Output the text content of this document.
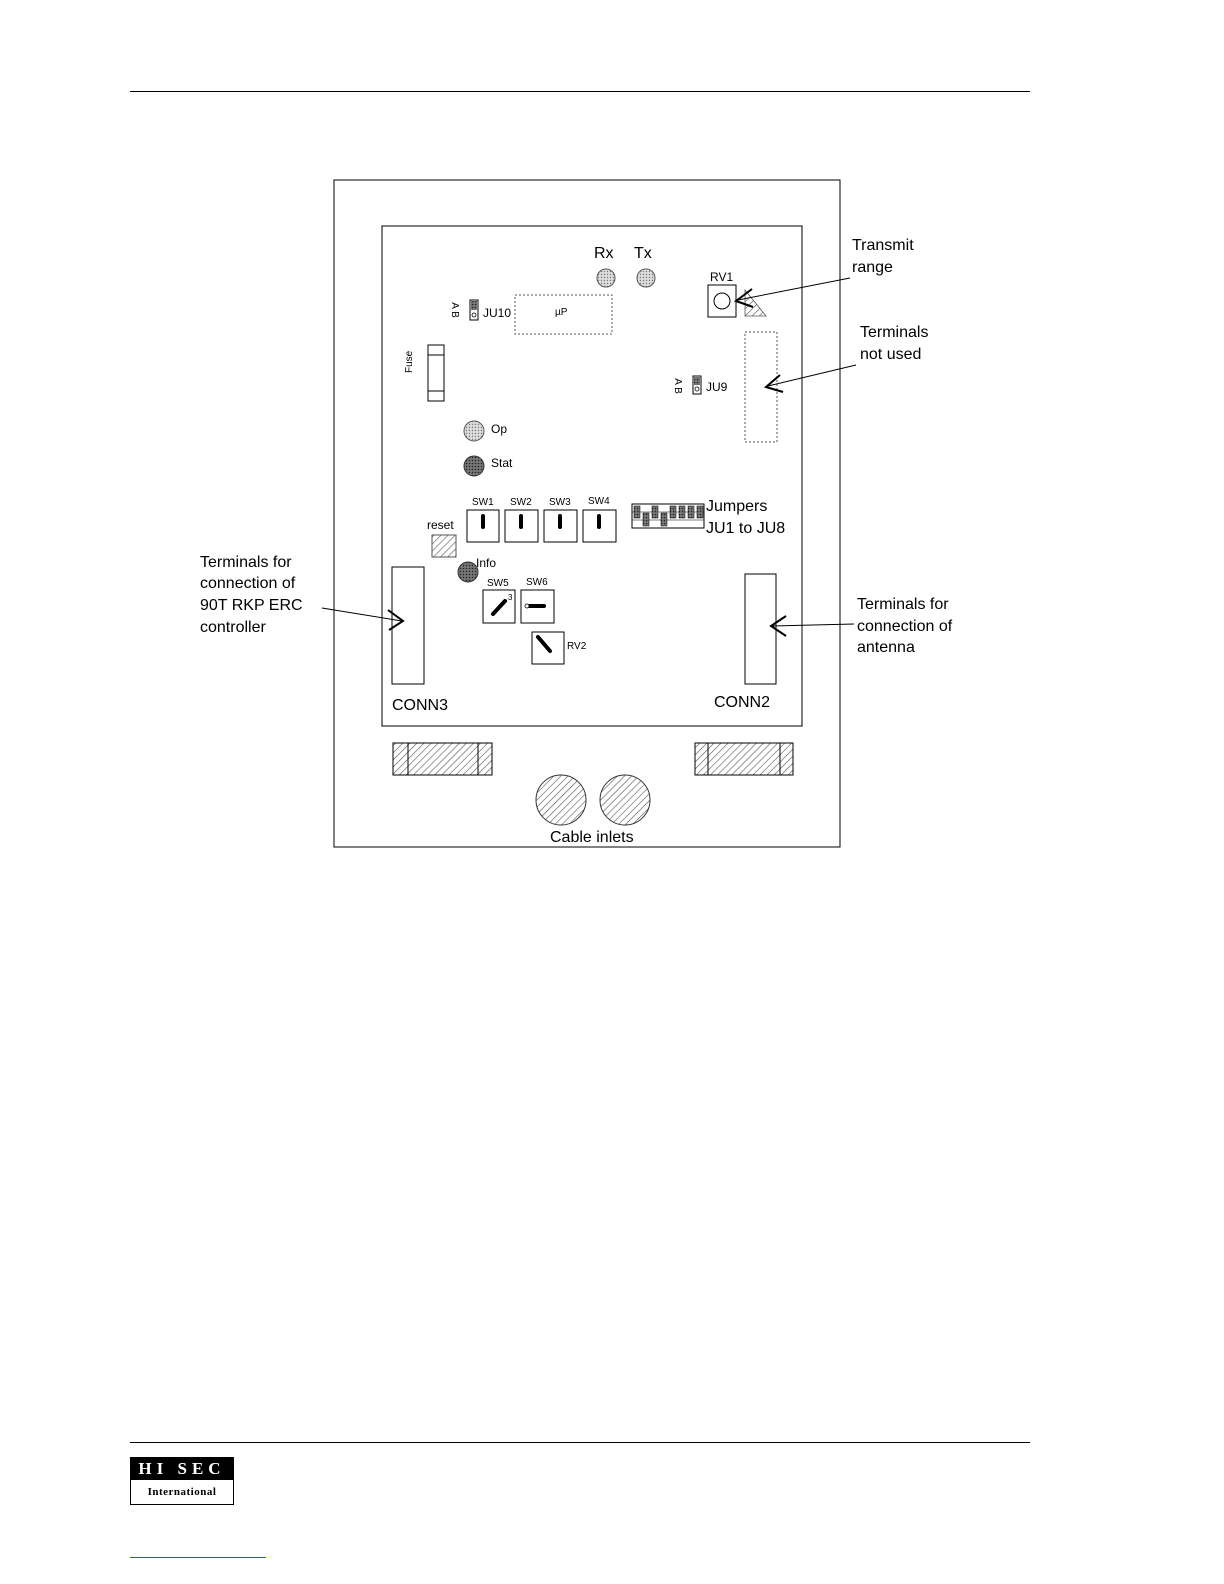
Rx Tx
RV1
JU10
A B	µP
Fuse
JU9
A B
Op
Stat
SW1 SW2 SW3 SW4
reset
Info
SW5 SW6
3
RV2
Jumpers
JU1 to JU8
CONN3	CONN2
Cable inlets
Transmit
range
Terminals
not used
Terminals for
connection of
90T RKP ERC
controller
Terminals for
connection of
antenna
HI SEC
International
